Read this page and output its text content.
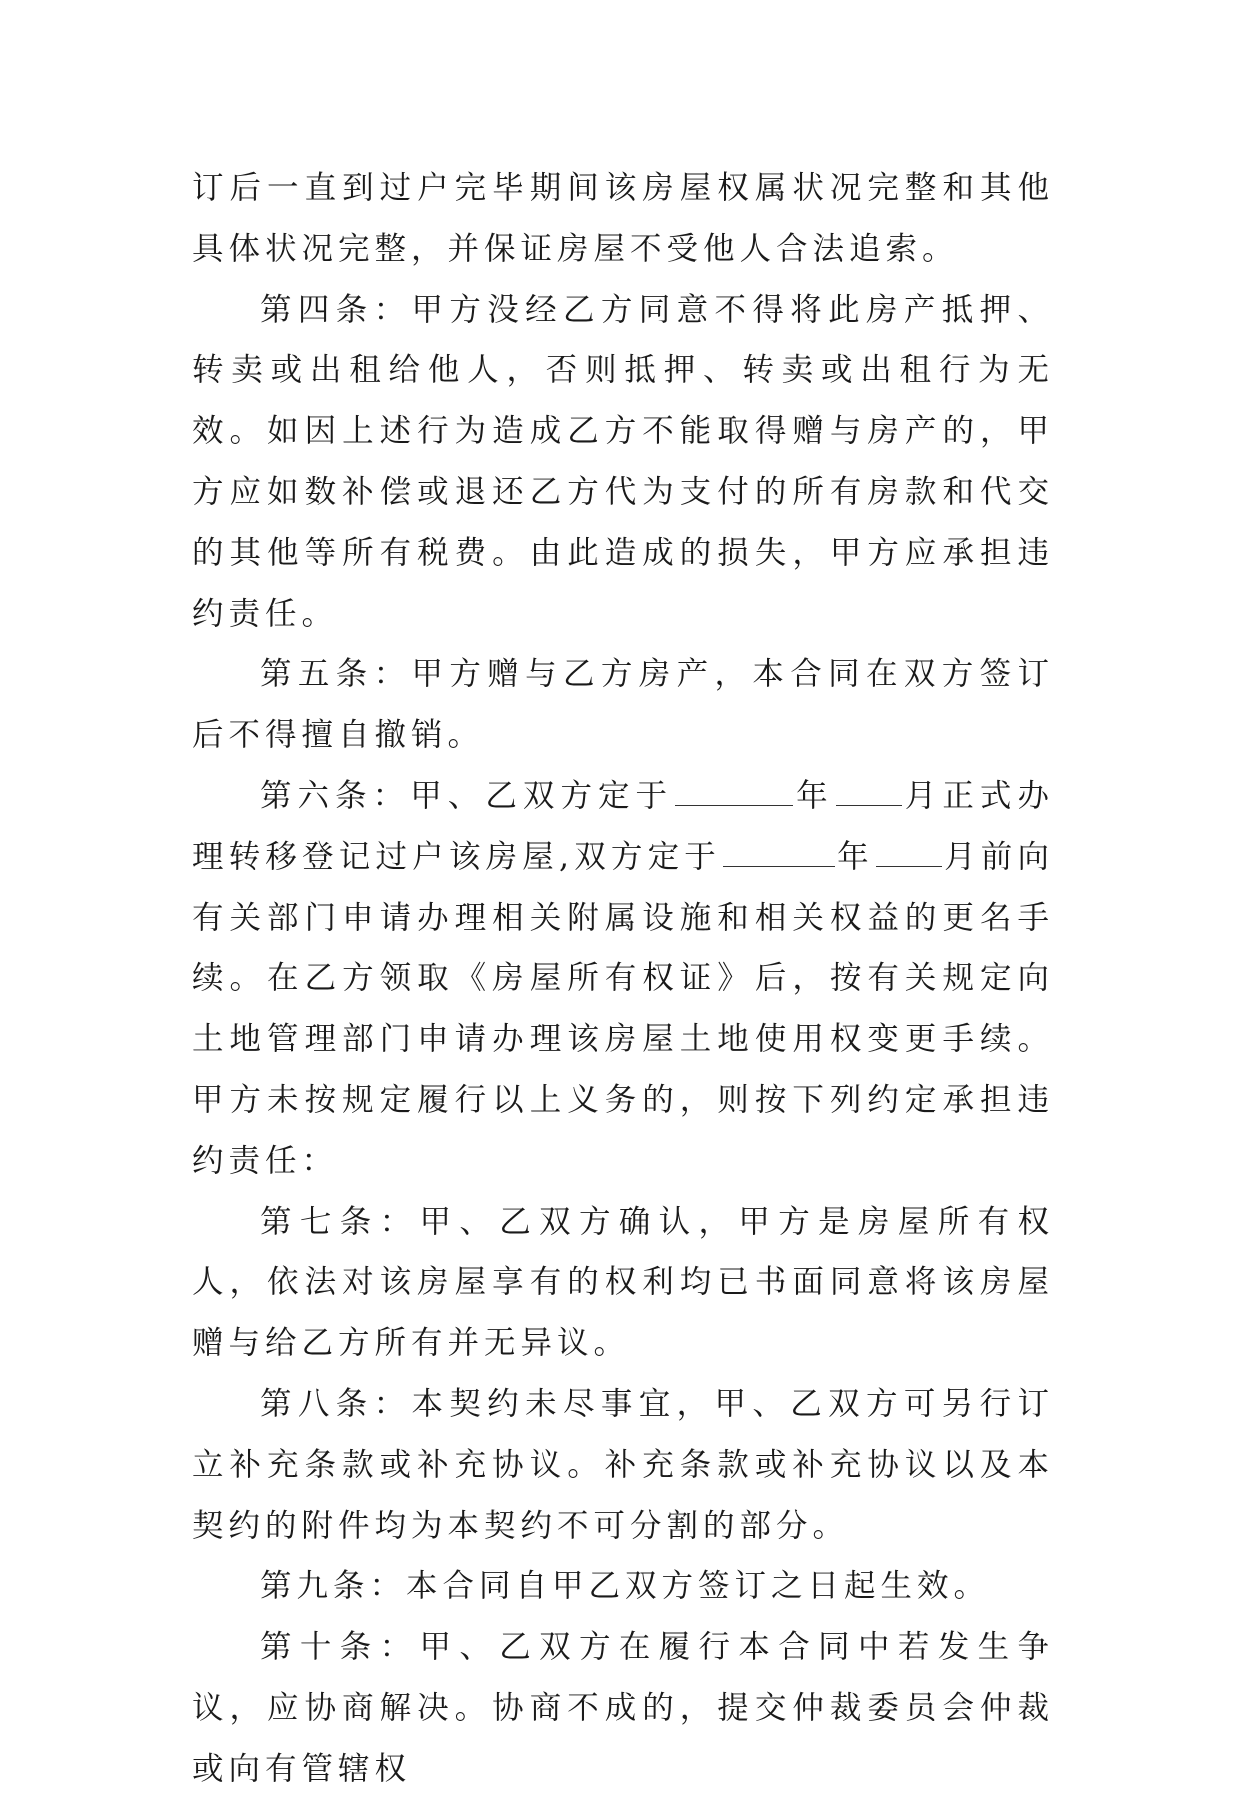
订后一直到过户完毕期间该房屋权属状况完整和其他具体状况完整，并保证房屋不受他人合法追索。

第四条：甲方没经乙方同意不得将此房产抵押、转卖或出租给他人，否则抵押、转卖或出租行为无效。如因上述行为造成乙方不能取得赠与房产的，甲方应如数补偿或退还乙方代为支付的所有房款和代交的其他等所有税费。由此造成的损失，甲方应承担违约责任。

第五条：甲方赠与乙方房产，本合同在双方签订后不得擅自撤销。

第六条：甲、乙双方定于	年 月正式办理转移登记过户该房屋,双方定于	年 月前向有关部门申请办理相关附属设施和相关权益的更名手续。在乙方领取《房屋所有权证》后，按有关规定向土地管理部门申请办理该房屋土地使用权变更手续。甲方未按规定履行以上义务的，则按下列约定承担违约责任：

第七条：甲、乙双方确认，甲方是房屋所有权人，依法对该房屋享有的权利均已书面同意将该房屋赠与给乙方所有并无异议。

第八条：本契约未尽事宜，甲、乙双方可另行订立补充条款或补充协议。补充条款或补充协议以及本契约的附件均为本契约不可分割的部分。

第九条：本合同自甲乙双方签订之日起生效。

第十条：甲、乙双方在履行本合同中若发生争议，应协商解决。协商不成的，提交仲裁委员会仲裁 或向有管辖权
